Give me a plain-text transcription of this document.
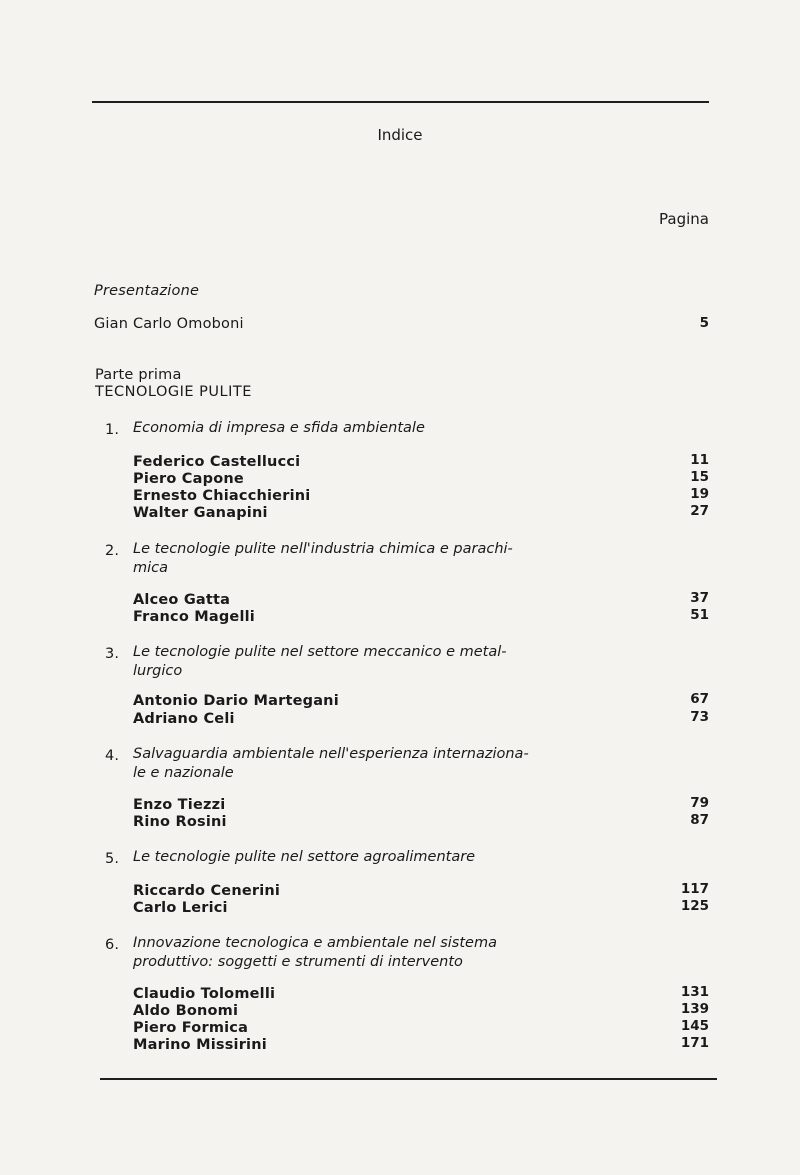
Indice
Pagina
Presentazione
Gian Carlo Omoboni	5
Parte prima
TECNOLOGIE PULITE
1. Economia di impresa e sfida ambientale
Federico Castellucci	11
Piero Capone	15
Ernesto Chiacchierini	19
Walter Ganapini	27
2. Le tecnologie pulite nell'industria chimica e parachi-
mica
Alceo Gatta	37
Franco Magelli	51
3. Le tecnologie pulite nel settore meccanico e metal-
lurgico
Antonio Dario Martegani	67
Adriano Celi	73
4. Salvaguardia ambientale nell'esperienza internaziona-
le e nazionale
Enzo Tiezzi	79
Rino Rosini	87
5. Le tecnologie pulite nel settore agroalimentare
Riccardo Cenerini	117
Carlo Lerici	125
6. Innovazione tecnologica e ambientale nel sistema
produttivo: soggetti e strumenti di intervento
Claudio Tolomelli	131
Aldo Bonomi	139
Piero Formica	145
Marino Missirini	171
